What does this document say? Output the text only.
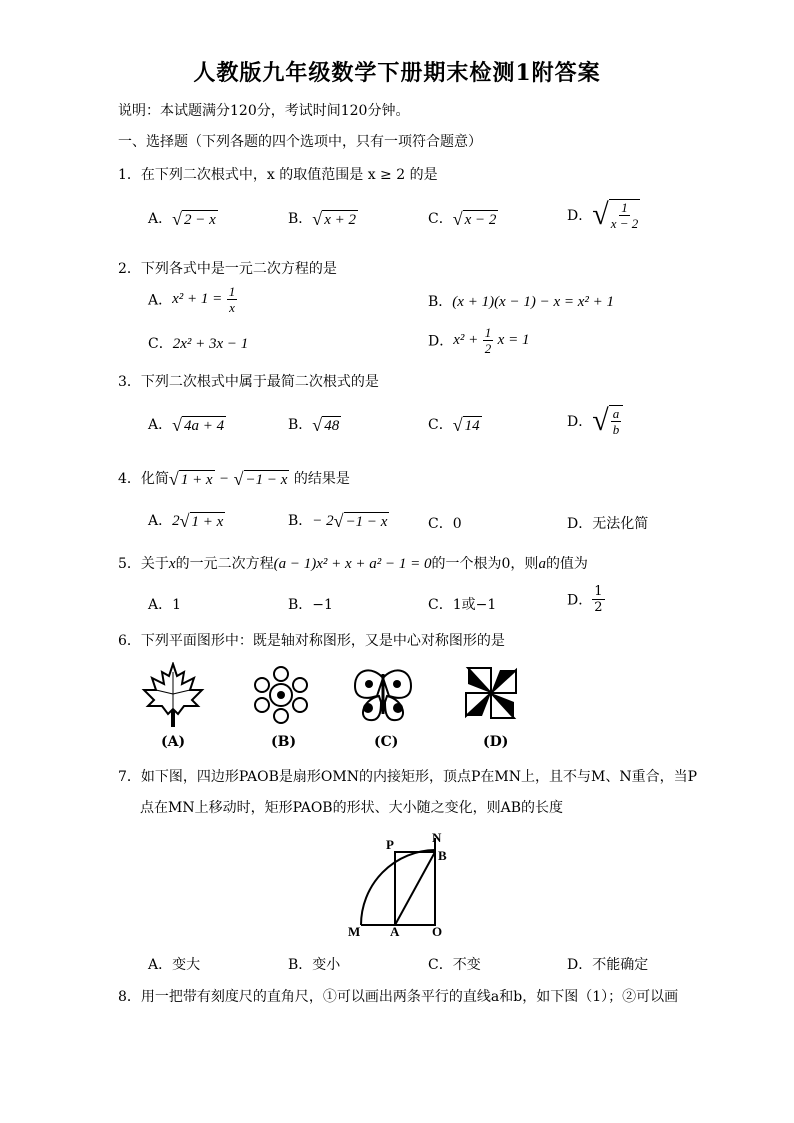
人教版九年级数学下册期末检测1附答案
说明：本试题满分120分，考试时间120分钟。
一、选择题（下列各题的四个选项中，只有一项符合题意）
1．在下列二次根式中，x 的取值范围是 x ≥ 2 的是
A．√ 2 − x	B．√ x + 2	C．√ x − 2	D．√ $\frac{1}{x - 2}$
2．下列各式中是一元二次方程的是
A．$x^2 + 1 = \frac{1}{x}$	B．(x + 1)(x − 1) − x = x² + 1
C．2x² + 3x − 1	D．$x^2 + \frac{1}{2}$ x = 1
3．下列二次根式中属于最简二次根式的是
A．√ 4a + 4	B．√ 48	C．√ 14	D．√ $\frac{a}{b}$
4．化简√ 1 + x − √ −1 − x 的结果是
A．2√ 1 + x	B．− 2√ −1 − x	C．0	D．无法化简
5．关于x的一元二次方程(a − 1)x² + x + a² − 1 = 0的一个根为0，则a的值为
A．1	B．−1	C．1或−1	D． $\frac{1}{2}$
6．下列平面图形中：既是轴对称图形，又是中心对称图形的是
(A)	(B)	(C)	(D)
7．如下图，四边形PAOB是扇形OMN的内接矩形，顶点P在MN上，且不与M、N重合，当P
点在MN上移动时，矩形PAOB的形状、大小随之变化，则AB的长度
P	N
B
M A	O
A．变大	B．变小	C．不变	D．不能确定
8．用一把带有刻度尺的直角尺，①可以画出两条平行的直线a和b，如下图（1）；②可以画
